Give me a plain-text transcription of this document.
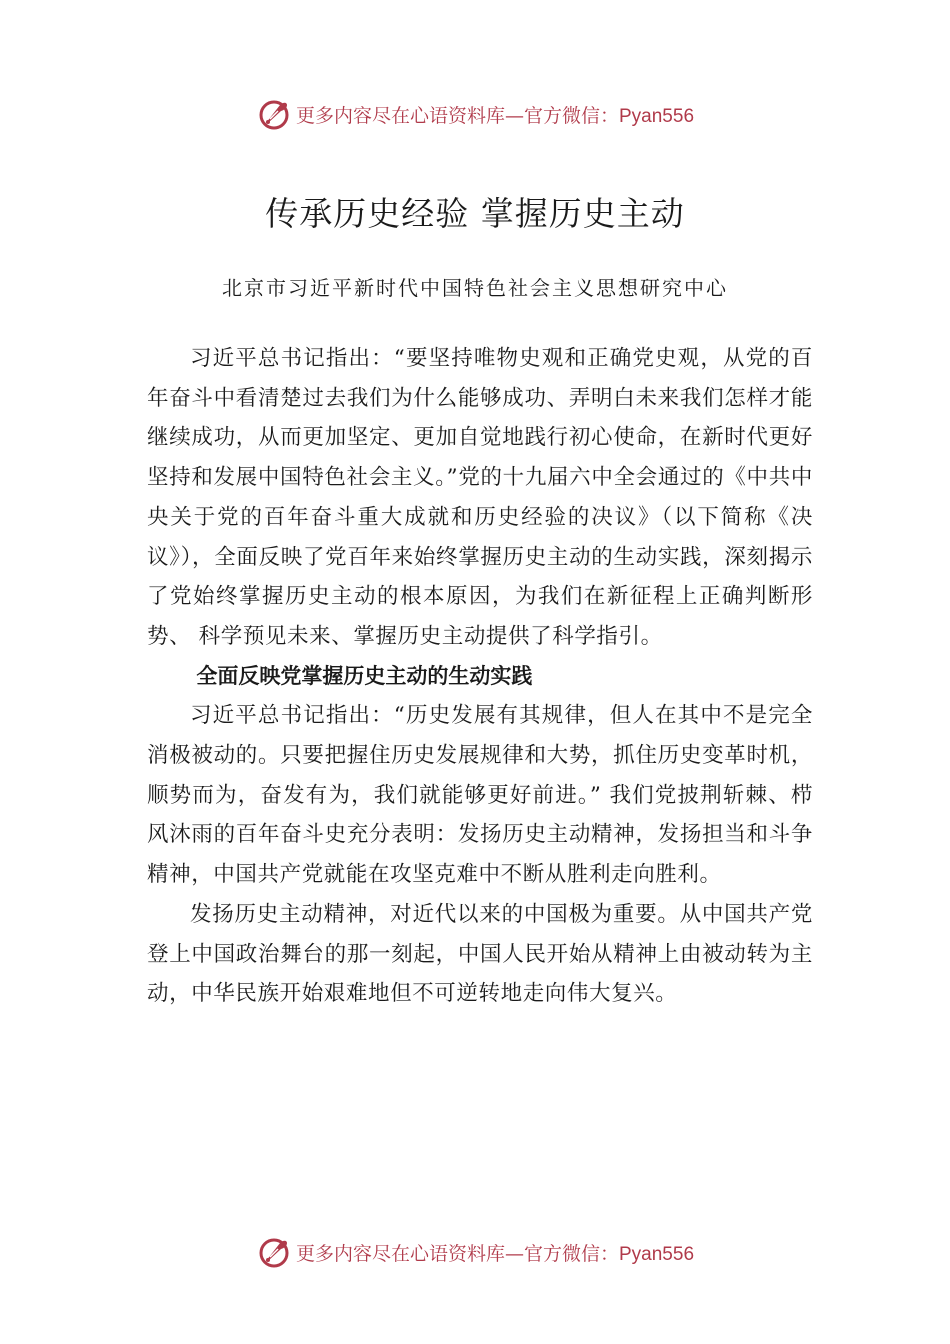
更多内容尽在心语资料库—官方微信：Pyan556
传承历史经验 掌握历史主动
北京市习近平新时代中国特色社会主义思想研究中心

习近平总书记指出：“要坚持唯物史观和正确党史观，从党的百年奋斗中看清楚过去我们为什么能够成功、弄明白未来我们怎样才能继续成功，从而更加坚定、更加自觉地践行初心使命，在新时代更好坚持和发展中国特色社会主义。”党的十九届六中全会通过的《中共中央关于党的百年奋斗重大成就和历史经验的决议》（以下简称《决议》），全面反映了党百年来始终掌握历史主动的生动实践，深刻揭示了党始终掌握历史主动的根本原因，为我们在新征程上正确判断形势、 科学预见未来、掌握历史主动提供了科学指引。

全面反映党掌握历史主动的生动实践

习近平总书记指出：“历史发展有其规律，但人在其中不是完全消极被动的。只要把握住历史发展规律和大势，抓住历史变革时机，顺势而为，奋发有为，我们就能够更好前进。” 我们党披荆斩棘、栉风沐雨的百年奋斗史充分表明：发扬历史主动精神，发扬担当和斗争精神，中国共产党就能在攻坚克难中不断从胜利走向胜利。

发扬历史主动精神，对近代以来的中国极为重要。从中国共产党登上中国政治舞台的那一刻起，中国人民开始从精神上由被动转为主动，中华民族开始艰难地但不可逆转地走向伟大复兴。

更多内容尽在心语资料库—官方微信：Pyan556
